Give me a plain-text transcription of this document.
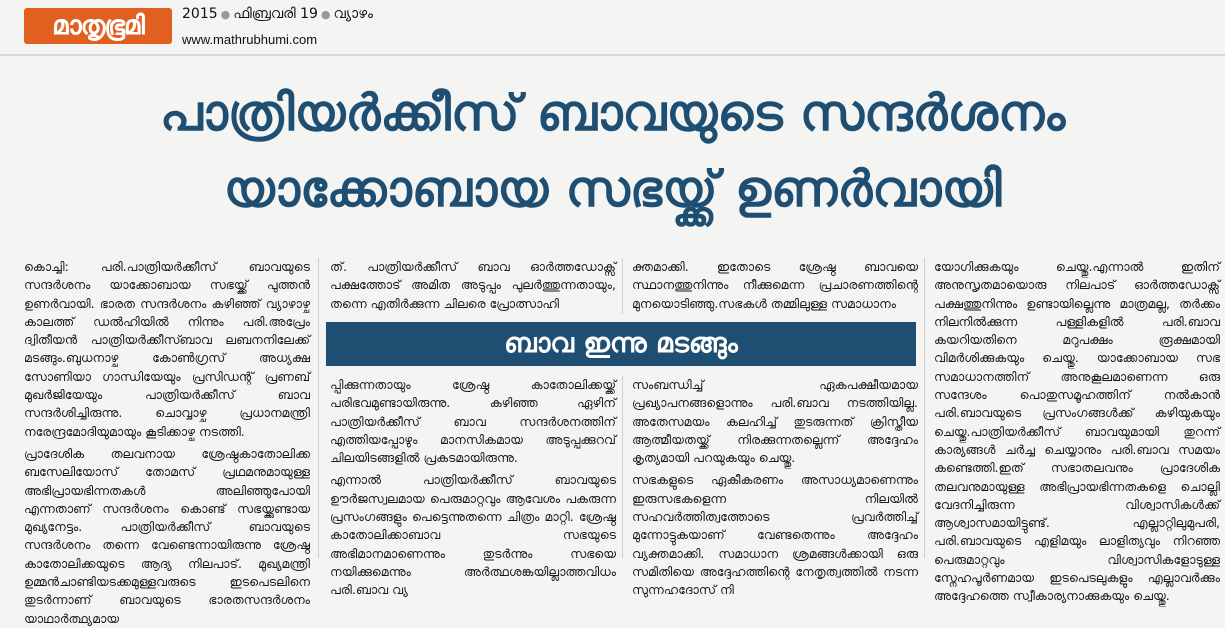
മാതൃഭൂമി	2015 ● ഫിബ്രവരി 19 ● വ്യാഴം
www.mathrubhumi.com
പാത്രിയർക്കീസ് ബാവയുടെ സന്ദർശനം
യാക്കോബായ സഭയ്ക്ക് ഉണർവായി

കൊച്ചി: പരി.പാത്രിയർക്കീസ് ബാവയുടെ സന്ദർശനം യാക്കോബായ സഭയ്ക്ക് പുത്തൻ ഉണർവായി. ഭാരത സന്ദർശനം കഴിഞ്ഞ് വ്യാഴാഴ്ച കാലത്ത് ഡൽഹിയിൽ നിന്നും പരി.അപ്രേം ദ്വിതീയൻ പാത്രിയർക്കീസ്ബാവ ലബനനിലേക്ക് മടങ്ങും.ബുധനാഴ്ച കോൺഗ്രസ് അധ്യക്ഷ സോണിയാ ഗാന്ധിയേയും പ്രസിഡന്റ് പ്രണബ് മുഖർജിയേയും പാത്രിയർക്കീസ് ബാവ സന്ദർശിച്ചിരുന്നു. ചൊവ്വാഴ്ച പ്രധാനമന്ത്രി നരേന്ദ്രമോദിയുമായും കൂടിക്കാഴ്ച നടത്തി.

പ്രാദേശിക തലവനായ ശ്രേഷ്ഠകാതോലിക്ക ബസേലിയോസ് തോമസ് പ്രഥമനുമായുള്ള അഭിപ്രായഭിന്നതകൾ അലിഞ്ഞുപോയി എന്നതാണ് സന്ദർശനം കൊണ്ട് സഭയ്ക്കുണ്ടായ മുഖ്യനേട്ടം. പാത്രിയർക്കീസ് ബാവയുടെ സന്ദർശനം തന്നെ വേണ്ടെന്നായിരുന്നു ശ്രേഷ്ഠ കാതോലിക്കയുടെ ആദ്യ നിലപാട്. മുഖ്യമന്ത്രി ഉമ്മൻചാണ്ടിയടക്കമുള്ളവരുടെ ഇടപെടലിനെ തുടർന്നാണ് ബാവയുടെ ഭാരതസന്ദർശനം യാഥാർത്ഥ്യമായ

ത്. പാത്രിയർക്കീസ് ബാവ ഓർത്തഡോക്സ് പക്ഷത്തോട് അമിത അടുപ്പം പുലർത്തുന്നതായും, തന്നെ എതിർക്കുന്ന ചിലരെ പ്രോത്സാഹി

ബാവ ഇന്നു മടങ്ങും

പ്പിക്കുന്നതായും ശ്രേഷ്ഠ കാതോലിക്കയ്ക്ക് പരിഭവമുണ്ടായിരുന്നു. കഴിഞ്ഞ ഏഴിന് പാത്രിയർക്കീസ് ബാവ സന്ദർശനത്തിന് എത്തിയപ്പോഴും മാനസികമായ അടുപ്പക്കുറവ് ചിലയിടങ്ങളിൽ പ്രകടമായിരുന്നു.

എന്നാൽ പാത്രിയർക്കീസ് ബാവയുടെ ഊർജസ്വലമായ പെരുമാറ്റവും ആവേശം പകരുന്ന പ്രസംഗങ്ങളും പെട്ടെന്നുതന്നെ ചിത്രം മാറ്റി. ശ്രേഷ്ഠ കാതോലിക്കാബാവ സഭയുടെ അഭിമാനമാണെന്നും തുടർന്നും സഭയെ നയിക്കുമെന്നും അർത്ഥശങ്കയില്ലാത്തവിധം പരി.ബാവ വ്യ

ക്തമാക്കി. ഇതോടെ ശ്രേഷ്ഠ ബാവയെ സ്ഥാനത്തുനിന്നും നീക്കുമെന്ന പ്രചാരണത്തിന്റെ മുനയൊടിഞ്ഞു.സഭകൾ തമ്മിലുള്ള സമാധാനം

സംബന്ധിച്ച് ഏകപക്ഷീയമായ പ്രഖ്യാപനങ്ങളൊന്നും പരി.ബാവ നടത്തിയില്ല. അതേസമയം കലഹിച്ച് തുടരുന്നത് ക്രിസ്തീയ ആത്മീയതയ്ക്ക് നിരക്കുന്നതല്ലെന്ന് അദ്ദേഹം കൃത്യമായി പറയുകയും ചെയ്തു.

സഭകളുടെ ഏകീകരണം അസാധ്യമാണെന്നും ഇരുസഭകളെന്ന നിലയിൽ സഹവർത്തിത്വത്തോടെ പ്രവർത്തിച്ച് മുന്നോട്ടുകയാണ് വേണ്ടതെന്നും അദ്ദേഹം വ്യക്തമാക്കി. സമാധാന ശ്രമങ്ങൾക്കായി ഒരു സമിതിയെ അദ്ദേഹത്തിന്റെ നേതൃത്വത്തിൽ നടന്ന സുന്നഹദോസ് നി

യോഗിക്കുകയും ചെയ്തു.എന്നാൽ ഇതിന് അനുസൃതമായൊരു നിലപാട് ഓർത്തഡോക്സ് പക്ഷത്തുനിന്നും ഉണ്ടായില്ലെന്നു മാത്രമല്ല, തർക്കം നിലനിൽക്കുന്ന പള്ളികളിൽ പരി.ബാവ കയറിയതിനെ മറുപക്ഷം രൂക്ഷമായി വിമർശിക്കുകയും ചെയ്തു. യാക്കോബായ സഭ സമാധാനത്തിന് അനുകൂലമാണെന്ന ഒരു സന്ദേശം പൊതുസമൂഹത്തിന് നൽകാൻ പരി.ബാവയുടെ പ്രസംഗങ്ങൾക്ക് കഴിയുകയും ചെയ്തു.പാത്രിയർക്കീസ് ബാവയുമായി തുറന്ന് കാര്യങ്ങൾ ചർച്ച ചെയ്യാനും പരി.ബാവ സമയം കണ്ടെത്തി.ഇത് സഭാതലവനും പ്രാദേശിക തലവനുമായുള്ള അഭിപ്രായഭിന്നതകളെ ചൊല്ലി വേദനിച്ചിരുന്ന വിശ്വാസികൾക്ക് ആശ്വാസമായിട്ടുണ്ട്. എല്ലാറ്റിലുമുപരി, പരി.ബാവയുടെ എളിമയും ലാളിത്യവും നിറഞ്ഞ പെരുമാറ്റവും വിശ്വാസികളോടുള്ള സ്നേഹപൂർണമായ ഇടപെടലുകളും എല്ലാവർക്കും അദ്ദേഹത്തെ സ്വീകാര്യനാക്കുകയും ചെയ്തു.
